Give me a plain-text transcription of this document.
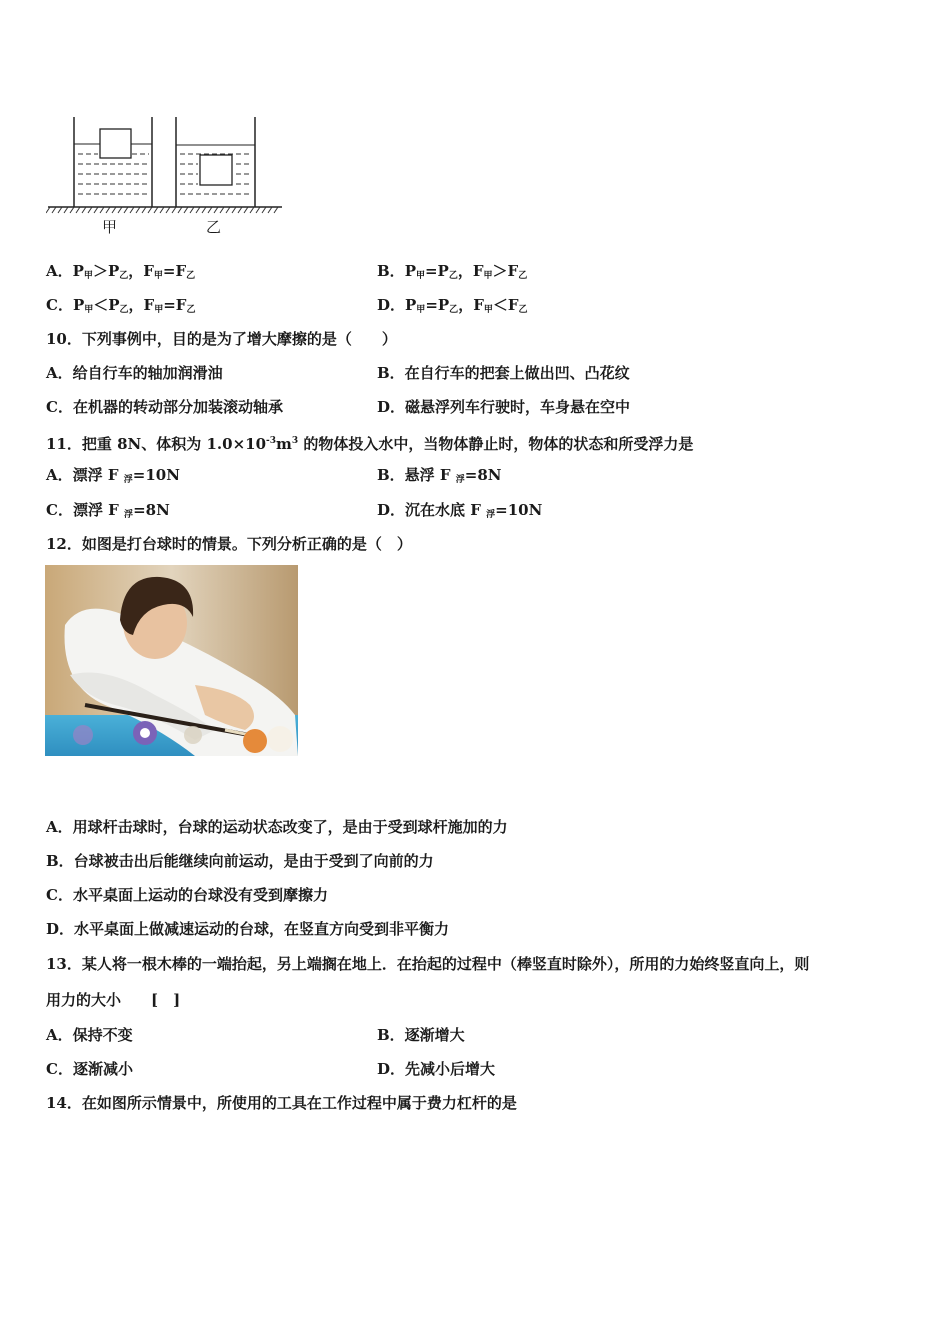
甲	乙
A．$P_甲>P_乙$，$F_甲=F_乙$	B．$P_甲=P_乙$，$F_甲>F_乙$
C．$P_甲<P_乙$，$F_甲=F_乙$	D．$P_甲=P_乙$，$F_甲<F_乙$
10．下列事例中，目的是为了增大摩擦的是（　　）
A．给自行车的轴加润滑油	B．在自行车的把套上做出凹、凸花纹
C．在机器的转动部分加装滚动轴承	D．磁悬浮列车行驶时，车身悬在空中
11．把重 8N、体积为 $1.0\times 10^{-3}m^3$ 的物体投入水中，当物体静止时，物体的状态和所受浮力是
A．漂浮 F $_浮$=10N	B．悬浮 F $_浮$=8N
C．漂浮 F $_浮$=8N	D．沉在水底 F $_浮$=10N
12．如图是打台球时的情景。下列分析正确的是（　）
A．用球杆击球时，台球的运动状态改变了，是由于受到球杆施加的力
B．台球被击出后能继续向前运动，是由于受到了向前的力
C．水平桌面上运动的台球没有受到摩擦力
D．水平桌面上做减速运动的台球，在竖直方向受到非平衡力
13．某人将一根木棒的一端抬起，另上端搁在地上．在抬起的过程中（棒竖直时除外），所用的力始终竖直向上，则
用力的大小　　[　]
A．保持不变	B．逐渐增大
C．逐渐减小	D．先减小后增大
14．在如图所示情景中，所使用的工具在工作过程中属于费力杠杆的是
